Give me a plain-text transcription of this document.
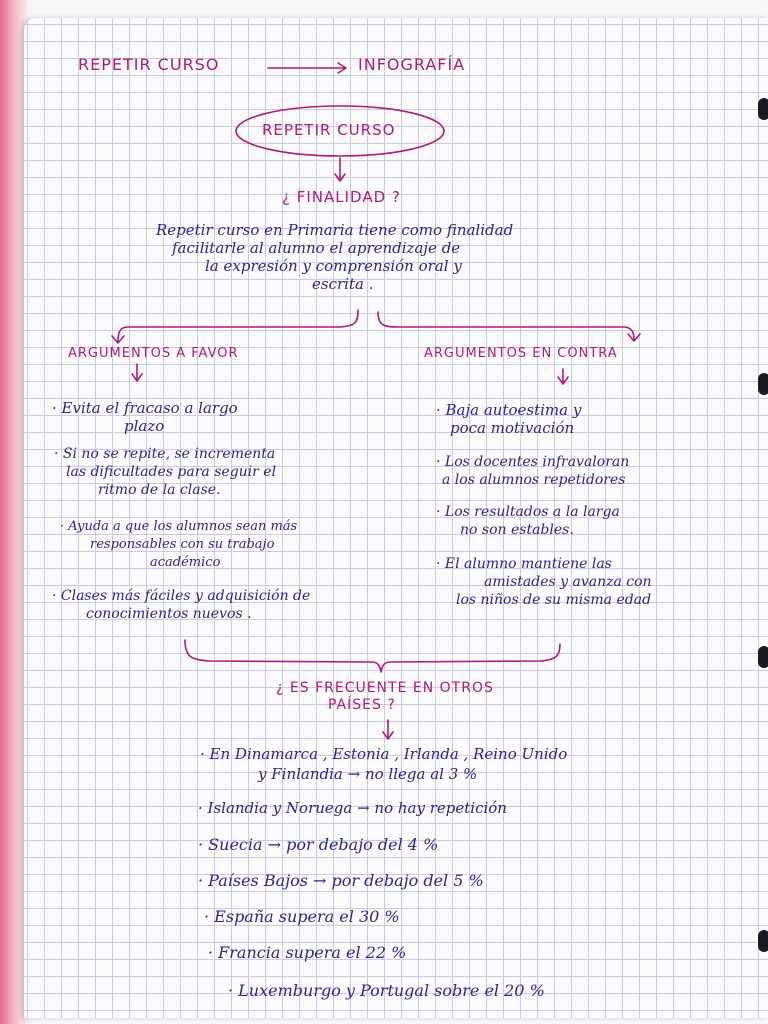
REPETIR CURSO	INFOGRAFÍA
REPETIR CURSO
¿ FINALIDAD ?
Repetir curso en Primaria tiene como finalidad
facilitarle al alumno el aprendizaje de
la expresión y comprensión oral y
escrita .
ARGUMENTOS A FAVOR
· Evita el fracaso a largo
plazo
· Si no se repite, se incrementa
las dificultades para seguir el
ritmo de la clase.
· Ayuda a que los alumnos sean más
responsables con su trabajo
académico
· Clases más fáciles y adquisición de
conocimientos nuevos .
ARGUMENTOS EN CONTRA
· Baja autoestima y
poca motivación
· Los docentes infravaloran
a los alumnos repetidores
· Los resultados a la larga
no son estables.
· El alumno mantiene las
amistades y avanza con
los niños de su misma edad
¿ ES FRECUENTE EN OTROS
PAÍSES ?
· En Dinamarca , Estonia , Irlanda , Reino Unido
y Finlandia → no llega al 3 %
· Islandia y Noruega → no hay repetición
· Suecia → por debajo del 4 %
· Países Bajos → por debajo del 5 %
· España supera el 30 %
· Francia supera el 22 %
· Luxemburgo y Portugal sobre el 20 %
